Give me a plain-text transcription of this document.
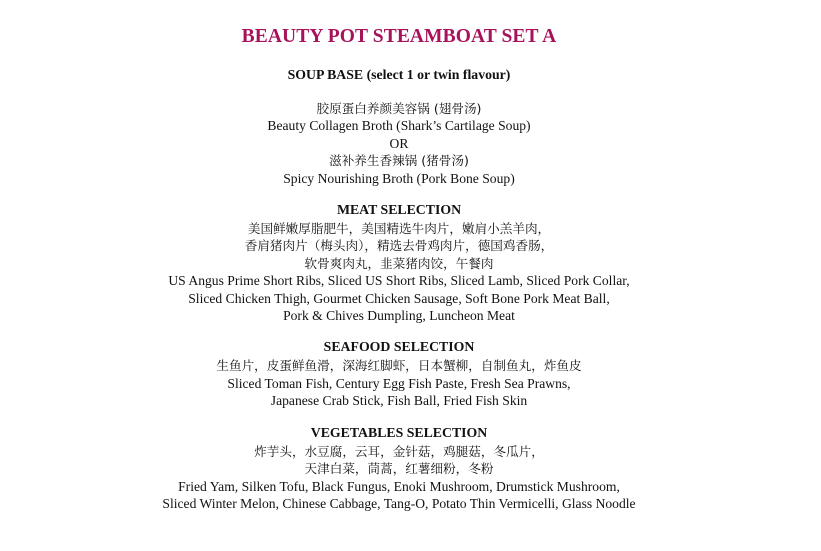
BEAUTY POT STEAMBOAT SET A
SOUP BASE (select 1 or twin flavour)
胶原蛋白养颜美容锅 (翅骨汤)
Beauty Collagen Broth (Shark’s Cartilage Soup)
OR
滋补养生香辣锅 (猪骨汤)
Spicy Nourishing Broth (Pork Bone Soup)
MEAT SELECTION
美国鲜嫩厚脂肥牛，美国精选牛肉片，嫩肩小羔羊肉，
香肩猪肉片（梅头肉），精选去骨鸡肉片，德国鸡香肠，
软骨爽肉丸，韭菜猪肉饺，午餐肉
US Angus Prime Short Ribs, Sliced US Short Ribs, Sliced Lamb, Sliced Pork Collar,
Sliced Chicken Thigh, Gourmet Chicken Sausage, Soft Bone Pork Meat Ball,
Pork & Chives Dumpling, Luncheon Meat
SEAFOOD SELECTION
生鱼片，皮蛋鲜鱼滑，深海红脚虾，日本蟹柳，自制鱼丸，炸鱼皮
Sliced Toman Fish, Century Egg Fish Paste, Fresh Sea Prawns,
Japanese Crab Stick, Fish Ball, Fried Fish Skin
VEGETABLES SELECTION
炸芋头，水豆腐，云耳，金针菇，鸡腿菇，冬瓜片，
天津白菜，茼蒿，红薯细粉，冬粉
Fried Yam, Silken Tofu, Black Fungus, Enoki Mushroom, Drumstick Mushroom,
Sliced Winter Melon, Chinese Cabbage, Tang-O, Potato Thin Vermicelli, Glass Noodle
